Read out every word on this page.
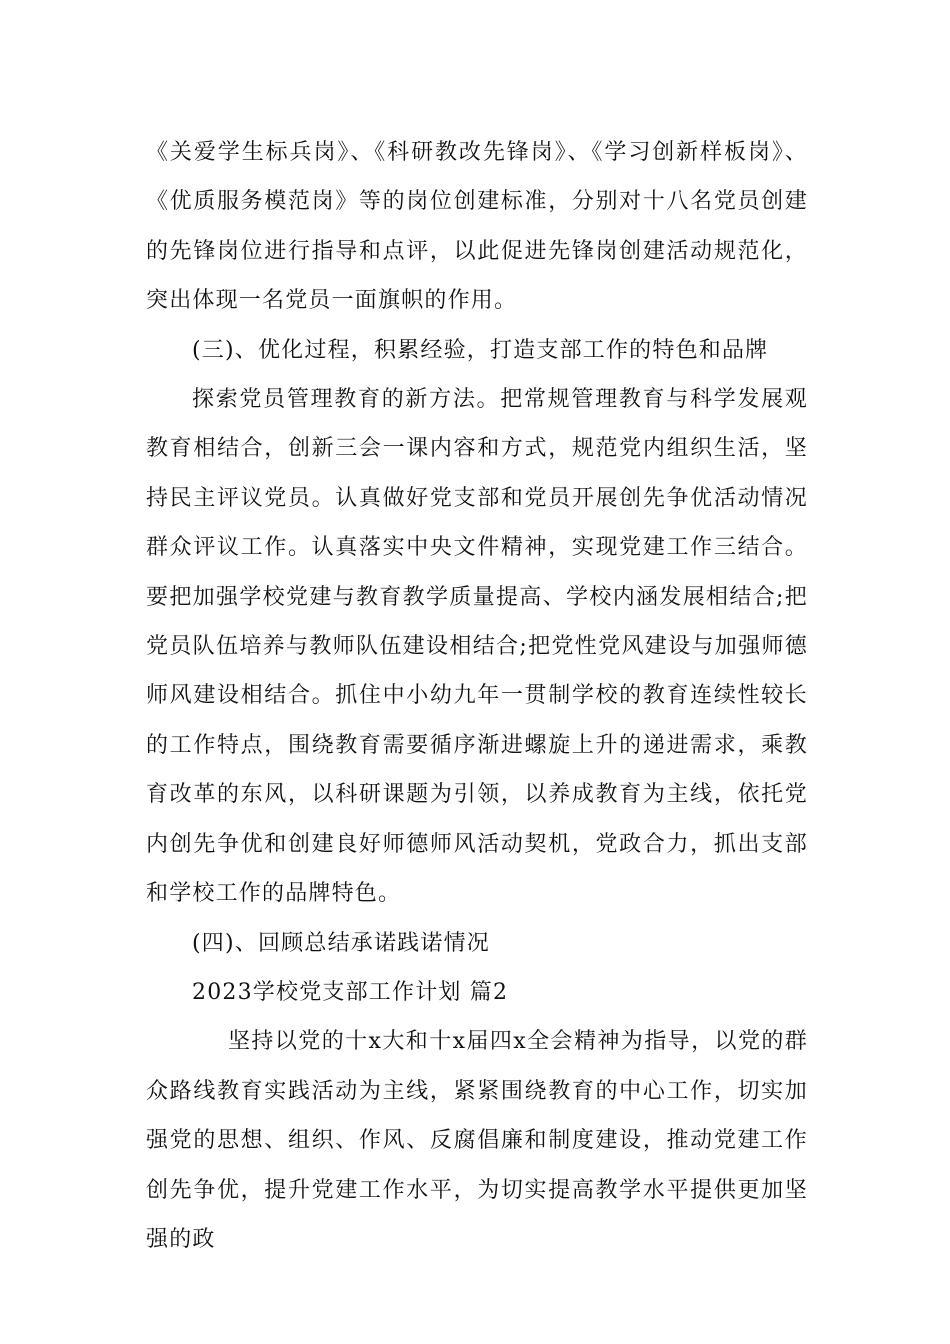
《关爱学生标兵岗》、《科研教改先锋岗》、《学习创新样板岗》、《优质服务模范岗》等的岗位创建标准，分别对十八名党员创建的先锋岗位进行指导和点评，以此促进先锋岗创建活动规范化，突出体现一名党员一面旗帜的作用。

(三)、优化过程，积累经验，打造支部工作的特色和品牌

探索党员管理教育的新方法。把常规管理教育与科学发展观教育相结合，创新三会一课内容和方式，规范党内组织生活，坚持民主评议党员。认真做好党支部和党员开展创先争优活动情况群众评议工作。认真落实中央文件精神，实现党建工作三结合。要把加强学校党建与教育教学质量提高、学校内涵发展相结合;把党员队伍培养与教师队伍建设相结合;把党性党风建设与加强师德师风建设相结合。抓住中小幼九年一贯制学校的教育连续性较长的工作特点，围绕教育需要循序渐进螺旋上升的递进需求，乘教育改革的东风，以科研课题为引领，以养成教育为主线，依托党内创先争优和创建良好师德师风活动契机，党政合力，抓出支部和学校工作的品牌特色。

(四)、回顾总结承诺践诺情况

2023学校党支部工作计划 篇2

坚持以党的十x大和十x届四x全会精神为指导，以党的群众路线教育实践活动为主线，紧紧围绕教育的中心工作，切实加强党的思想、组织、作风、反腐倡廉和制度建设，推动党建工作创先争优，提升党建工作水平，为切实提高教学水平提供更加坚强的政
